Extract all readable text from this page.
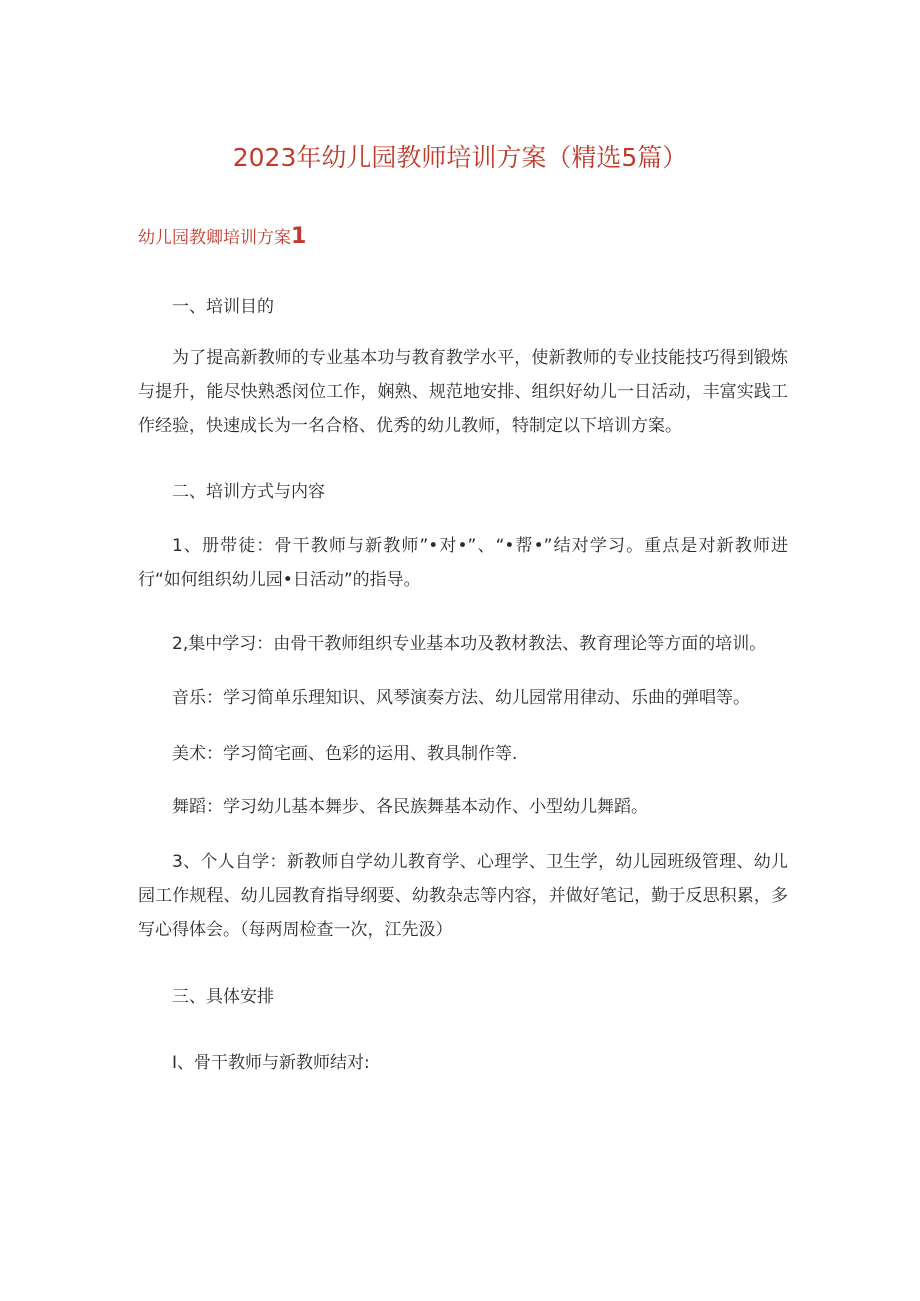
2023年幼儿园教师培训方案（精选5篇）
幼儿园教卿培训方案1
一、培训目的
为了提高新教师的专业基本功与教育教学水平，使新教师的专业技能技巧得到锻炼与提升，能尽快熟悉闵位工作，娴熟、规范地安排、组织好幼儿一日活动，丰富实践工作经验，快速成长为一名合格、优秀的幼儿教师，特制定以下培训方案。
二、培训方式与内容
1、册带徒：骨干教师与新教师”•对•”、“•帮•”结对学习。重点是对新教师进行“如何组织幼儿园•日活动”的指导。
2,集中学习：由骨干教师组织专业基本功及教材教法、教育理论等方面的培训。
音乐：学习简单乐理知识、风琴演奏方法、幼儿园常用律动、乐曲的弹唱等。
美术：学习简宅画、色彩的运用、教具制作等.
舞蹈：学习幼儿基本舞步、各民族舞基本动作、小型幼儿舞蹈。
3、个人自学：新教师自学幼儿教育学、心理学、卫生学，幼儿园班级管理、幼儿园工作规程、幼儿园教育指导纲要、幼教杂志等内容，并做好笔记，勤于反思积累，多写心得体会。（每两周检查一次，江先汲）
三、具体安排
I、骨干教师与新教师结对:
